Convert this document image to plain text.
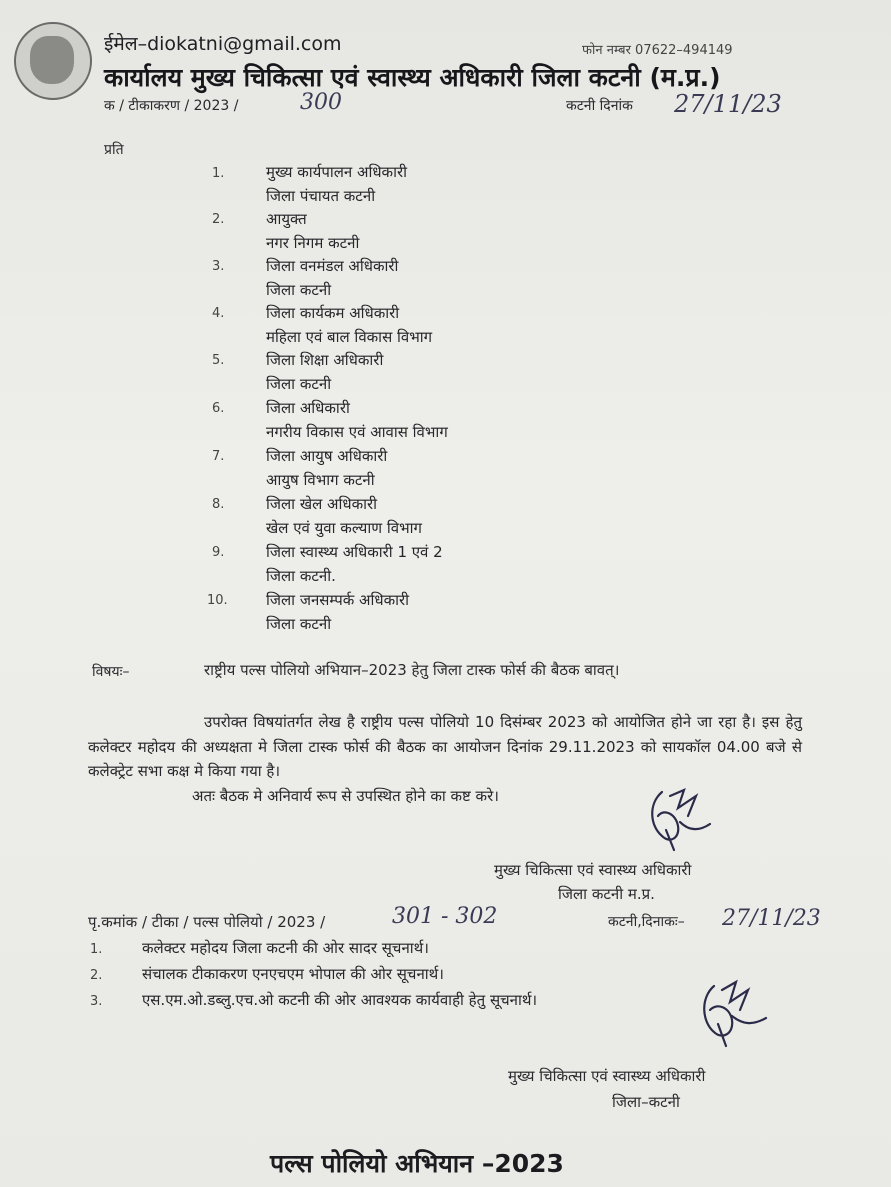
ईमेल–diokatni@gmail.com	फोन नम्बर 07622–494149
कार्यालय मुख्य चिकित्सा एवं स्वास्थ्य अधिकारी जिला कटनी (म.प्र.)
क / टीकाकरण / 2023 /	300	कटनी दिनांक 27/11/23
प्रति
1.	मुख्य कार्यपालन अधिकारी
जिला पंचायत कटनी
2.	आयुक्त
नगर निगम कटनी
3.	जिला वनमंडल अधिकारी
जिला कटनी
4.	जिला कार्यकम अधिकारी
महिला एवं बाल विकास विभाग
5.	जिला शिक्षा अधिकारी
जिला कटनी
6.	जिला अधिकारी
नगरीय विकास एवं आवास विभाग
7.	जिला आयुष अधिकारी
आयुष विभाग कटनी
8.	जिला खेल अधिकारी
खेल एवं युवा कल्याण विभाग
9.	जिला स्वास्थ्य अधिकारी 1 एवं 2
जिला कटनी.
10.	जिला जनसम्पर्क अधिकारी
जिला कटनी
विषयः–	राष्ट्रीय पल्स पोलियो अभियान–2023 हेतु जिला टास्क फोर्स की बैठक बावत्।

उपरोक्त विषयांतर्गत लेख है राष्ट्रीय पल्स पोलियो 10 दिसंम्बर 2023 को आयोजित होने जा रहा है। इस हेतु कलेक्टर महोदय की अध्यक्षता मे जिला टास्क फोर्स की बैठक का आयोजन दिनांक 29.11.2023 को सायकॉल 04.00 बजे से कलेक्ट्रेट सभा कक्ष मे किया गया है।

अतः बैठक मे अनिवार्य रूप से उपस्थित होने का कष्ट करे।

मुख्य चिकित्सा एवं स्वास्थ्य अधिकारी
जिला कटनी म.प्र.
पृ.कमांक / टीका / पल्स पोलियो / 2023 /	301 - 302	कटनी,दिनाकः– 27/11/23
1.	कलेक्टर महोदय जिला कटनी की ओर सादर सूचनार्थ।
2.	संचालक टीकाकरण एनएचएम भोपाल की ओर सूचनार्थ।
3.	एस.एम.ओ.डब्लु.एच.ओ कटनी की ओर आवश्यक कार्यवाही हेतु सूचनार्थ।
मुख्य चिकित्सा एवं स्वास्थ्य अधिकारी
जिला–कटनी
पल्स पोलियो अभियान –2023
